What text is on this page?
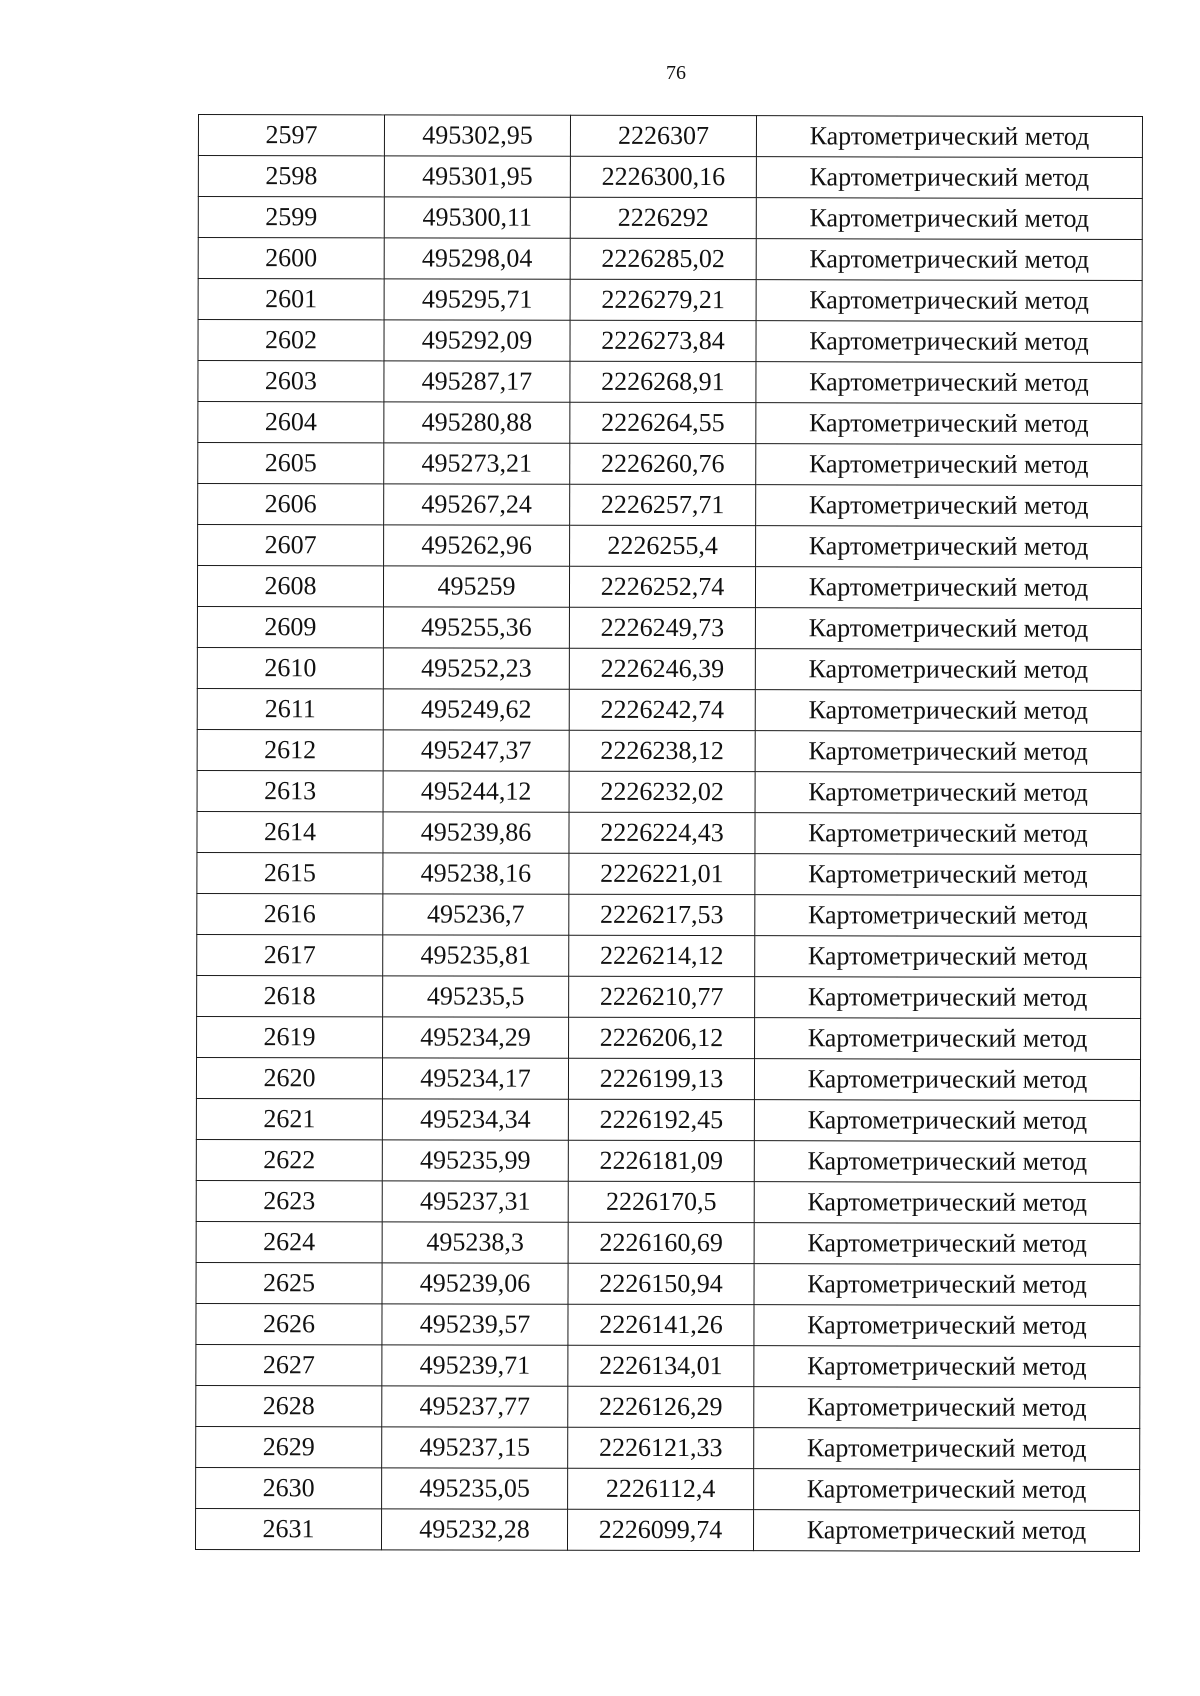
76
2597	495302,95	2226307	Картометрический метод
2598	495301,95	2226300,16	Картометрический метод
2599	495300,11	2226292	Картометрический метод
2600	495298,04	2226285,02	Картометрический метод
2601	495295,71	2226279,21	Картометрический метод
2602	495292,09	2226273,84	Картометрический метод
2603	495287,17	2226268,91	Картометрический метод
2604	495280,88	2226264,55	Картометрический метод
2605	495273,21	2226260,76	Картометрический метод
2606	495267,24	2226257,71	Картометрический метод
2607	495262,96	2226255,4	Картометрический метод
2608	495259	2226252,74	Картометрический метод
2609	495255,36	2226249,73	Картометрический метод
2610	495252,23	2226246,39	Картометрический метод
2611	495249,62	2226242,74	Картометрический метод
2612	495247,37	2226238,12	Картометрический метод
2613	495244,12	2226232,02	Картометрический метод
2614	495239,86	2226224,43	Картометрический метод
2615	495238,16	2226221,01	Картометрический метод
2616	495236,7	2226217,53	Картометрический метод
2617	495235,81	2226214,12	Картометрический метод
2618	495235,5	2226210,77	Картометрический метод
2619	495234,29	2226206,12	Картометрический метод
2620	495234,17	2226199,13	Картометрический метод
2621	495234,34	2226192,45	Картометрический метод
2622	495235,99	2226181,09	Картометрический метод
2623	495237,31	2226170,5	Картометрический метод
2624	495238,3	2226160,69	Картометрический метод
2625	495239,06	2226150,94	Картометрический метод
2626	495239,57	2226141,26	Картометрический метод
2627	495239,71	2226134,01	Картометрический метод
2628	495237,77	2226126,29	Картометрический метод
2629	495237,15	2226121,33	Картометрический метод
2630	495235,05	2226112,4	Картометрический метод
2631	495232,28	2226099,74	Картометрический метод
